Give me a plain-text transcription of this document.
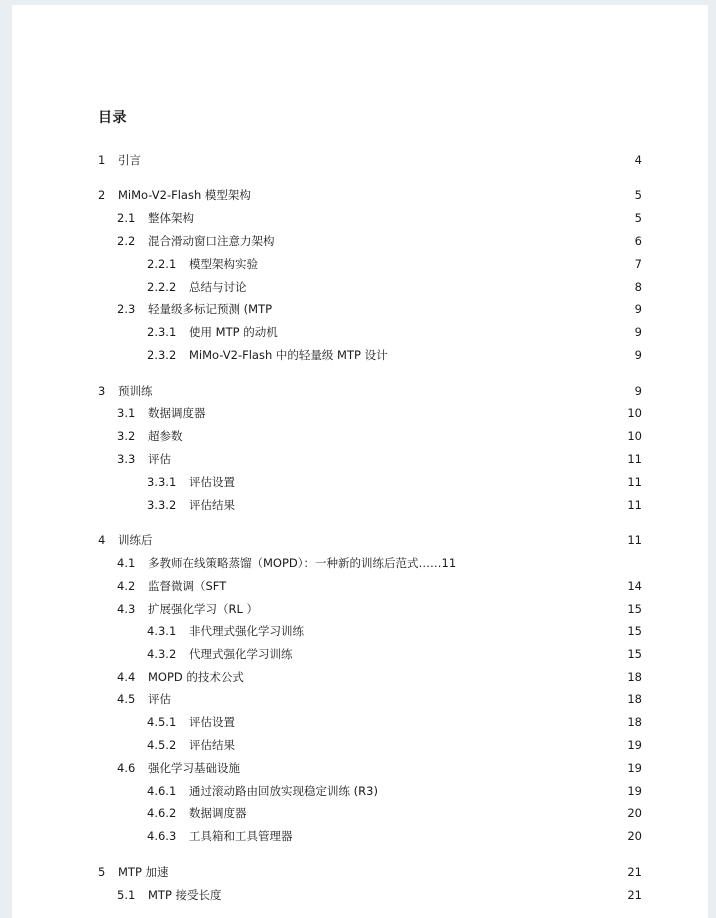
目录
1 引言	4
2 MiMo-V2-Flash 模型架构	5
2.1 整体架构	5
2.2 混合滑动窗口注意力架构	6
2.2.1 模型架构实验	7
2.2.2 总结与讨论	8
2.3 轻量级多标记预测 (MTP	9
2.3.1 使用 MTP 的动机	9
2.3.2 MiMo-V2-Flash 中的轻量级 MTP 设计	9
3 预训练	9
3.1 数据调度器	10
3.2 超参数	10
3.3 评估	11
3.3.1 评估设置	11
3.3.2 评估结果	11
4 训练后	11
4.1 多教师在线策略蒸馏（MOPD）：一种新的训练后范式……11
4.2 监督微调（SFT	14
4.3 扩展强化学习（RL ）	15
4.3.1 非代理式强化学习训练	15
4.3.2 代理式强化学习训练	15
4.4 MOPD 的技术公式	18
4.5 评估	18
4.5.1 评估设置	18
4.5.2 评估结果	19
4.6 强化学习基础设施	19
4.6.1 通过滚动路由回放实现稳定训练 (R3)	19
4.6.2 数据调度器	20
4.6.3 工具箱和工具管理器	20
5 MTP 加速	21
5.1 MTP 接受长度	21
